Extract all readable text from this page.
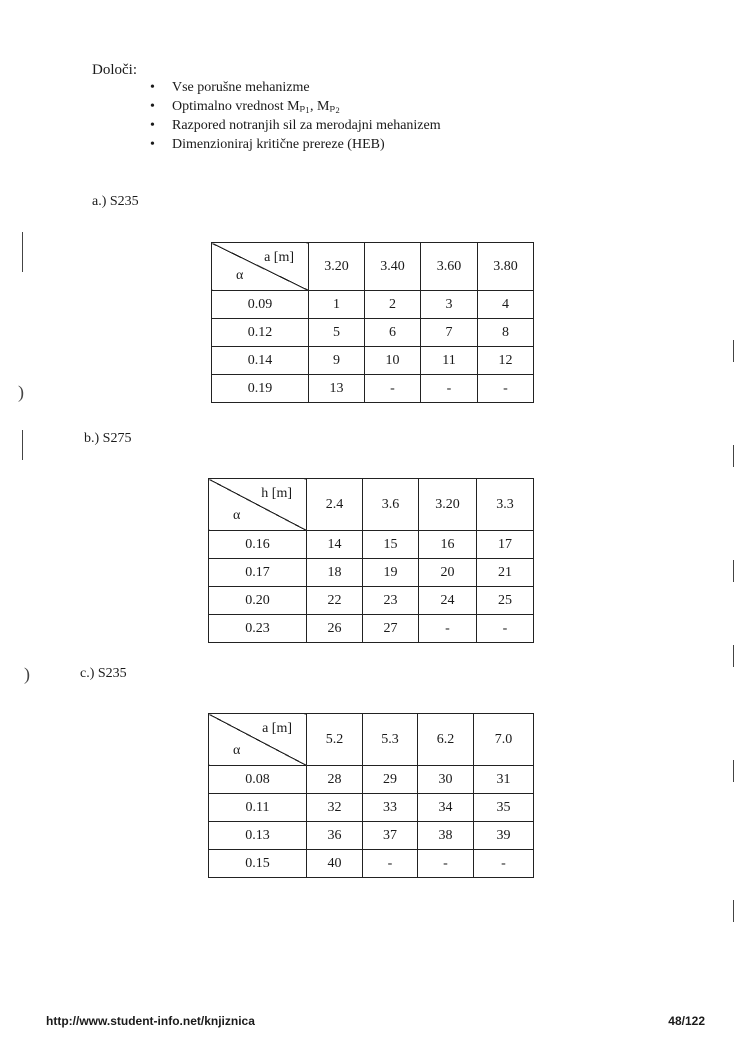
Določi:
• Vse porušne mehanizme
• Optimalno vrednost Mₚ₁, Mₚ₂
• Razpored notranjih sil za merodajni mehanizem
• Dimenzioniraj kritične prereze (HEB)
a.) S235
a [m]
α	3.20	3.40	3.60	3.80
0.09	1	2	3	4
0.12	5	6	7	8
0.14	9	10	11	12
0.19	13	-	-	-
b.) S275
h [m]
α	2.4	3.6	3.20	3.3
0.16	14	15	16	17
0.17	18	19	20	21
0.20	22	23	24	25
0.23	26	27	-	-
c.) S235
a [m]
α	5.2	5.3	6.2	7.0
0.08	28	29	30	31
0.11	32	33	34	35
0.13	36	37	38	39
0.15	40	-	-	-
)
)
http://www.student-info.net/knjiznica	48/122
